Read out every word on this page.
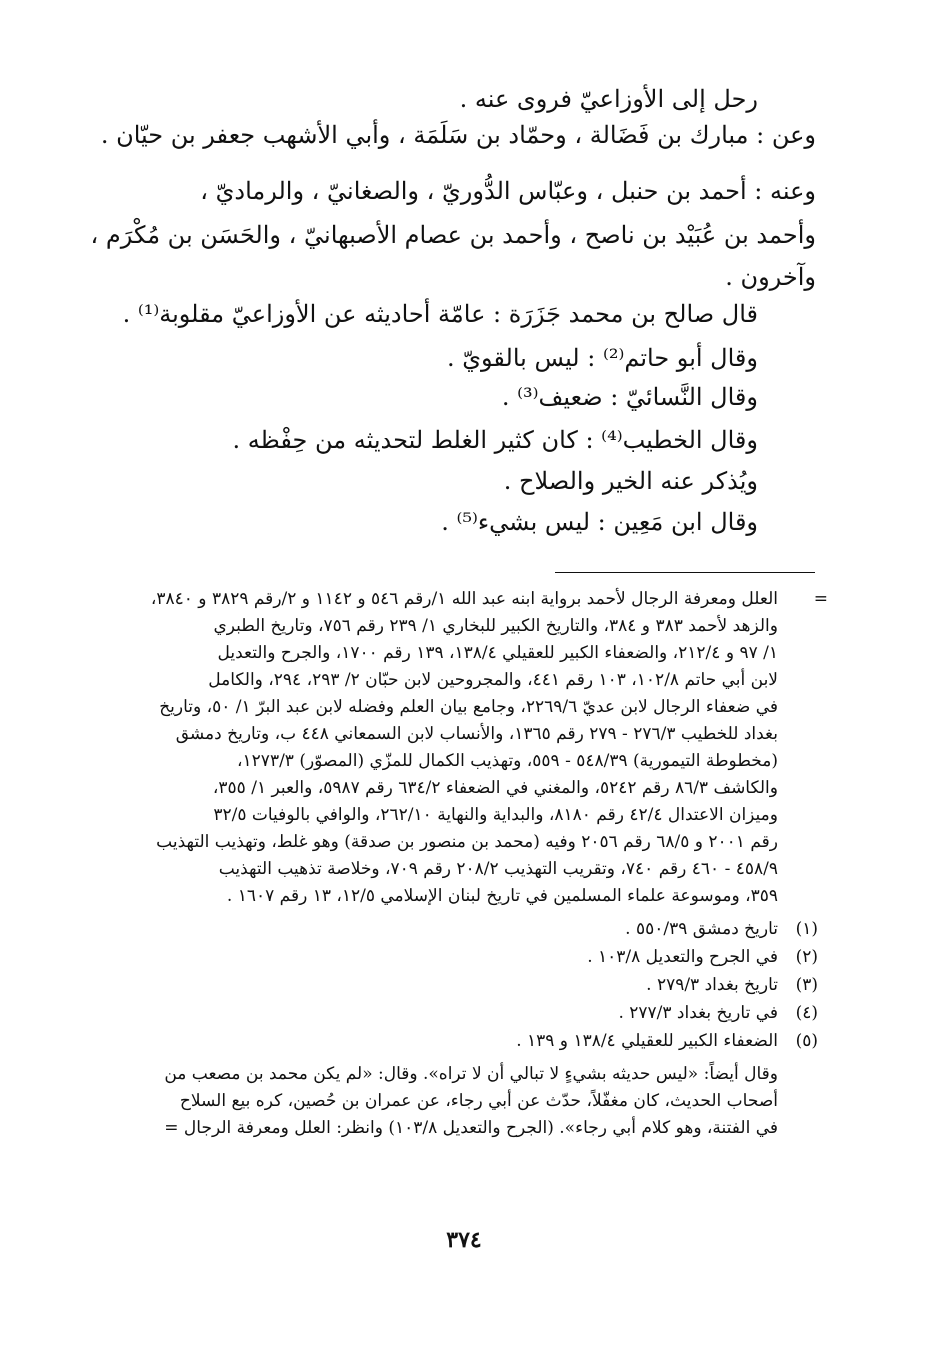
رحل إلى الأوزاعيّ فروى عنه .
وعن : مبارك بن فَضَالة ، وحمّاد بن سَلَمَة ، وأبي الأشهب جعفر بن حيّان .
وعنه : أحمد بن حنبل ، وعبّاس الدُّوريّ ، والصغانيّ ، والرماديّ ،
وأحمد بن عُبَيْد بن ناصح ، وأحمد بن عصام الأصبهانيّ ، والحَسَن بن مُكْرَم ،
وآخرون .
قال صالح بن محمد جَزَرَة : عامّة أحاديثه عن الأوزاعيّ مقلوبة⁽¹⁾ .
وقال أبو حاتم⁽²⁾ : ليس بالقويّ .
وقال النَّسائيّ : ضعيف⁽³⁾ .
وقال الخطيب⁽⁴⁾ : كان كثير الغلط لتحديثه من حِفْظه .
ويُذكر عنه الخير والصلاح .
وقال ابن مَعِين : ليس بشيء⁽⁵⁾ .
=
العلل ومعرفة الرجال لأحمد برواية ابنه عبد الله ١/رقم ٥٤٦ و ١١٤٢ و ٢/رقم ٣٨٢٩ و ٣٨٤٠،
والزهد لأحمد ٣٨٣ و ٣٨٤، والتاريخ الكبير للبخاري ١/ ٢٣٩ رقم ٧٥٦، وتاريخ الطبري
١/ ٩٧ و ٢١٢/٤، والضعفاء الكبير للعقيلي ١٣٨/٤، ١٣٩ رقم ١٧٠٠، والجرح والتعديل
لابن أبي حاتم ١٠٢/٨، ١٠٣ رقم ٤٤١، والمجروحين لابن حبّان ٢/ ٢٩٣، ٢٩٤، والكامل
في ضعفاء الرجال لابن عديّ ٢٢٦٩/٦، وجامع بيان العلم وفضله لابن عبد البرّ ١/ ٥٠، وتاريخ
بغداد للخطيب ٢٧٦/٣ - ٢٧٩ رقم ١٣٦٥، والأنساب لابن السمعاني ٤٤٨ ب، وتاريخ دمشق
(مخطوطة التيمورية) ٥٤٨/٣٩ - ٥٥٩، وتهذيب الكمال للمزّي (المصوّر) ١٢٧٣/٣،
والكاشف ٨٦/٣ رقم ٥٢٤٢، والمغني في الضعفاء ٦٣٤/٢ رقم ٥٩٨٧، والعبر ١/ ٣٥٥،
وميزان الاعتدال ٤٢/٤ رقم ٨١٨٠، والبداية والنهاية ٢٦٢/١٠، والوافي بالوفيات ٣٢/٥
رقم ٢٠٠١ و ٦٨/٥ رقم ٢٠٥٦ وفيه (محمد بن منصور بن صدقة) وهو غلط، وتهذيب التهذيب
٤٥٨/٩ - ٤٦٠ رقم ٧٤٠، وتقريب التهذيب ٢٠٨/٢ رقم ٧٠٩، وخلاصة تذهيب التهذيب
٣٥٩، وموسوعة علماء المسلمين في تاريخ لبنان الإسلامي ١٢/٥، ١٣ رقم ١٦٠٧ .
(١)
تاريخ دمشق ٥٥٠/٣٩ .
(٢)
في الجرح والتعديل ١٠٣/٨ .
(٣)
تاريخ بغداد ٢٧٩/٣ .
(٤)
في تاريخ بغداد ٢٧٧/٣ .
(٥)
الضعفاء الكبير للعقيلي ١٣٨/٤ و ١٣٩ .
وقال أيضاً: «ليس حديثه بشيءٍ لا تبالي أن لا تراه». وقال: «لم يكن محمد بن مصعب من
أصحاب الحديث، كان مغفّلاً، حدّث عن أبي رجاء، عن عمران بن حُصين، كره بيع السلاح
في الفتنة، وهو كلام أبي رجاء». (الجرح والتعديل ١٠٣/٨) وانظر: العلل ومعرفة الرجال =
٣٧٤
